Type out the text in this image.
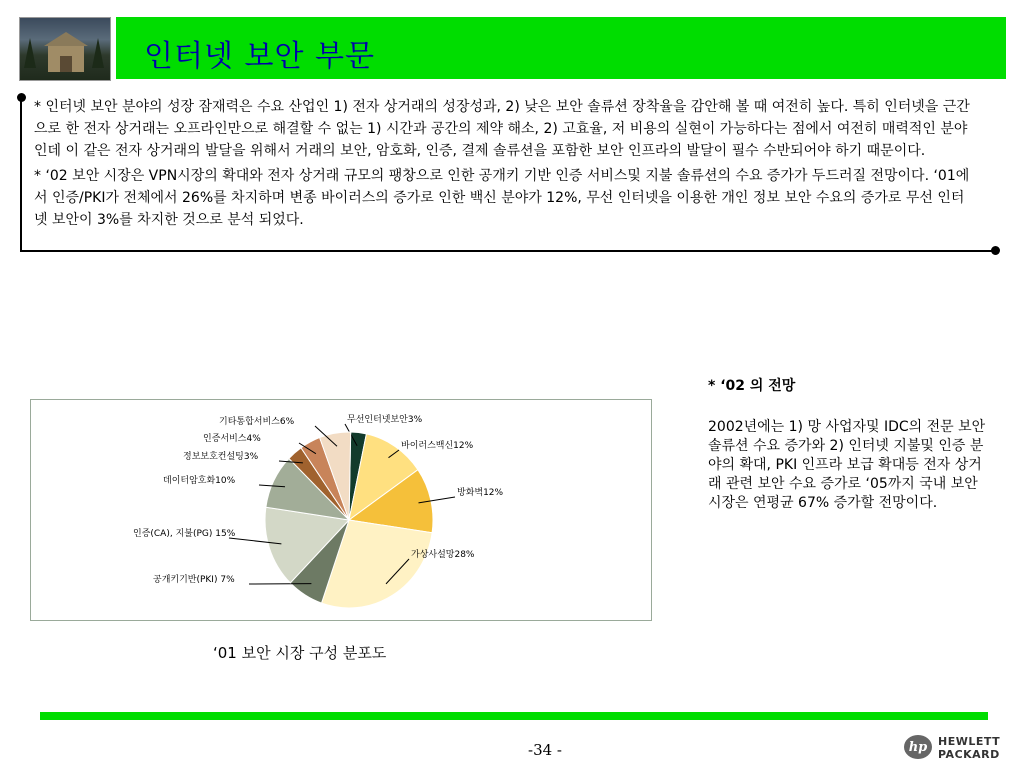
인터넷 보안 부문

* 인터넷 보안 분야의 성장 잠재력은 수요 산업인 1) 전자 상거래의 성장성과, 2) 낮은 보안 솔류션 장착율을 감안해 볼 때 여전히 높다. 특히 인터넷을 근간으로 한 전자 상거래는 오프라인만으로 해결할 수 없는 1) 시간과 공간의 제약 해소, 2) 고효율, 저 비용의 실현이 가능하다는 점에서 여전히 매력적인 분야인데 이 같은 전자 상거래의 발달을 위해서 거래의 보안, 암호화, 인증, 결제 솔류션을 포함한 보안 인프라의 발달이 필수 수반되어야 하기 때문이다.

* ‘02 보안 시장은 VPN시장의 확대와 전자 상거래 규모의 팽창으로 인한 공개키 기반 인증 서비스및 지불 솔류션의 수요 증가가 두드러질 전망이다. ‘01에서 인증/PKI가 전체에서 26%를 차지하며 변종 바이러스의 증가로 인한 백신 분야가 12%, 무선 인터넷을 이용한 개인 정보 보안 수요의 증가로 무선 인터넷 보안이 3%를 차지한 것으로 분석 되었다.

무선인터넷보안3%
바이러스백신12%
방화벽12%
가상사설망28%
공개키기반(PKI) 7%
인증(CA), 지불(PG) 15%
데이터암호화10%
정보보호컨설팅3%
인증서비스4%
기타통합서비스6%
‘01 보안 시장 구성 분포도
* ‘02 의 전망
2002년에는 1) 망 사업자및 IDC의 전문 보안 솔류션 수요 증가와 2) 인터넷 지불및 인증 분야의 확대, PKI 인프라 보급 확대등 전자 상거래 관련 보안 수요 증가로 ‘05까지 국내 보안 시장은 연평균 67% 증가할 전망이다.
-34 -	hp HEWLETT
PACKARD
